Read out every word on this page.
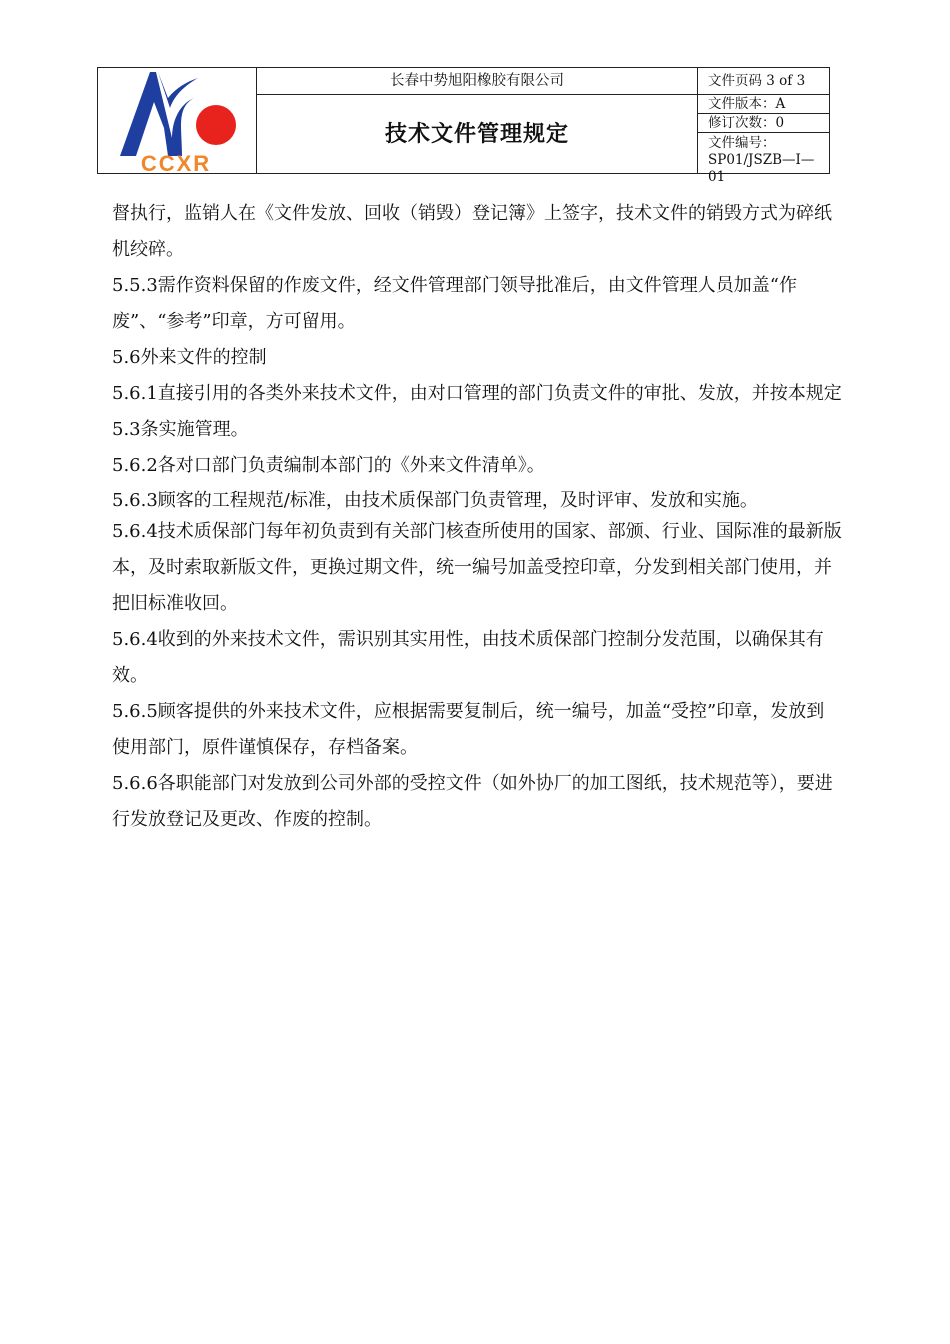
CCXR
长春中势旭阳橡胶有限公司
技术文件管理规定
文件页码 3 of 3
文件版本：A
修订次数：0
文件编号： SP01/JSZB—I—
01

督执行，监销人在《文件发放、回收（销毁）登记簿》上签字，技术文件的销毁方式为碎纸机绞碎。

5.5.3需作资料保留的作废文件，经文件管理部门领导批准后，由文件管理人员加盖“作废”、“参考”印章，方可留用。

5.6外来文件的控制

5.6.1直接引用的各类外来技术文件，由对口管理的部门负责文件的审批、发放，并按本规定5.3条实施管理。

5.6.2各对口部门负责编制本部门的《外来文件清单》。

5.6.3顾客的工程规范/标准，由技术质保部门负责管理，及时评审、发放和实施。

5.6.4技术质保部门每年初负责到有关部门核查所使用的国家、部颁、行业、国际准的最新版本，及时索取新版文件，更换过期文件，统一编号加盖受控印章，分发到相关部门使用，并把旧标准收回。

5.6.4收到的外来技术文件，需识别其实用性，由技术质保部门控制分发范围，以确保其有效。

5.6.5顾客提供的外来技术文件，应根据需要复制后，统一编号，加盖“受控”印章，发放到使用部门，原件谨慎保存，存档备案。

5.6.6各职能部门对发放到公司外部的受控文件（如外协厂的加工图纸，技术规范等），要进行发放登记及更改、作废的控制。
